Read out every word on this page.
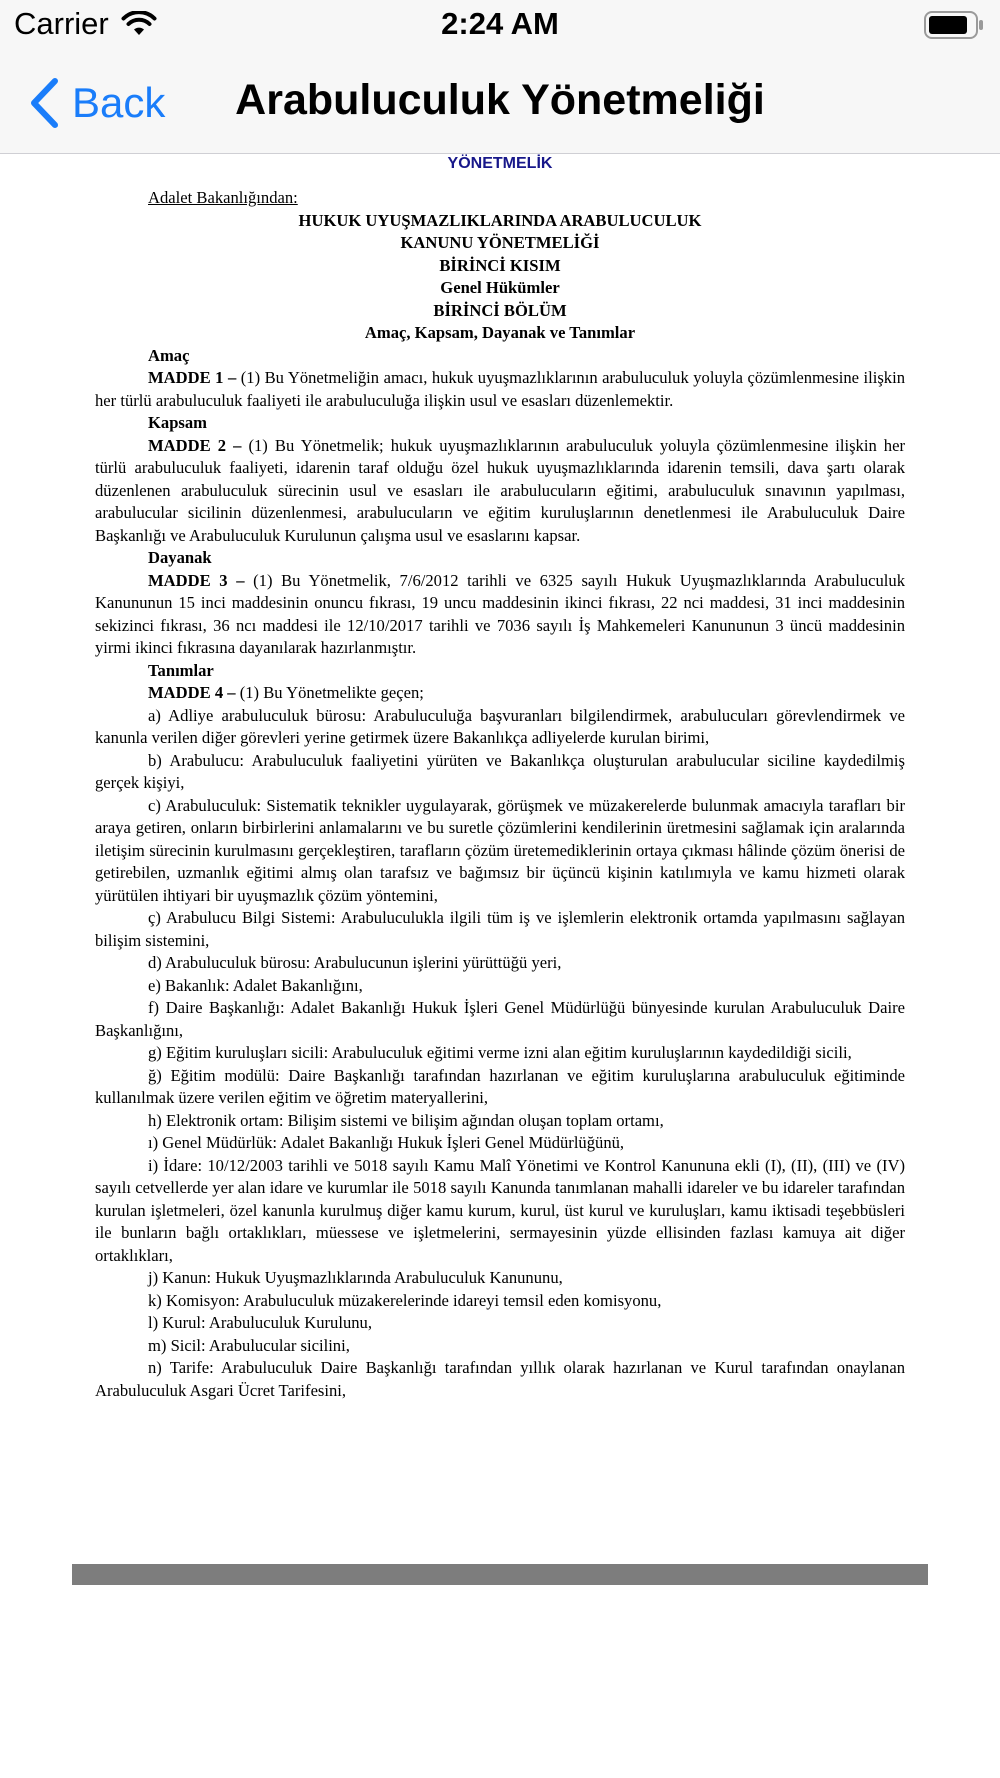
Carrier	2:24 AM
Back	Arabuluculuk Yönetmeliği
YÖNETMELİK

Adalet Bakanlığından:

HUKUK UYUŞMAZLIKLARINDA ARABULUCULUK

KANUNU YÖNETMELİĞİ

BİRİNCİ KISIM

Genel Hükümler

BİRİNCİ BÖLÜM

Amaç, Kapsam, Dayanak ve Tanımlar

Amaç

MADDE 1 – (1) Bu Yönetmeliğin amacı, hukuk uyuşmazlıklarının arabuluculuk yoluyla çözümlenmesine ilişkin her türlü arabuluculuk faaliyeti ile arabuluculuğa ilişkin usul ve esasları düzenlemektir.

Kapsam

MADDE 2 – (1) Bu Yönetmelik; hukuk uyuşmazlıklarının arabuluculuk yoluyla çözümlenmesine ilişkin her türlü arabuluculuk faaliyeti, idarenin taraf olduğu özel hukuk uyuşmazlıklarında idarenin temsili, dava şartı olarak düzenlenen arabuluculuk sürecinin usul ve esasları ile arabulucuların eğitimi, arabuluculuk sınavının yapılması, arabulucular sicilinin düzenlenmesi, arabulucuların ve eğitim kuruluşlarının denetlenmesi ile Arabuluculuk Daire Başkanlığı ve Arabuluculuk Kurulunun çalışma usul ve esaslarını kapsar.

Dayanak

MADDE 3 – (1) Bu Yönetmelik, 7/6/2012 tarihli ve 6325 sayılı Hukuk Uyuşmazlıklarında Arabuluculuk Kanununun 15 inci maddesinin onuncu fıkrası, 19 uncu maddesinin ikinci fıkrası, 22 nci maddesi, 31 inci maddesinin sekizinci fıkrası, 36 ncı maddesi ile 12/10/2017 tarihli ve 7036 sayılı İş Mahkemeleri Kanununun 3 üncü maddesinin yirmi ikinci fıkrasına dayanılarak hazırlanmıştır.

Tanımlar

MADDE 4 – (1) Bu Yönetmelikte geçen;

a) Adliye arabuluculuk bürosu: Arabuluculuğa başvuranları bilgilendirmek, arabulucuları görevlendirmek ve kanunla verilen diğer görevleri yerine getirmek üzere Bakanlıkça adliyelerde kurulan birimi,

b) Arabulucu: Arabuluculuk faaliyetini yürüten ve Bakanlıkça oluşturulan arabulucular siciline kaydedilmiş gerçek kişiyi,

c) Arabuluculuk: Sistematik teknikler uygulayarak, görüşmek ve müzakerelerde bulunmak amacıyla tarafları bir araya getiren, onların birbirlerini anlamalarını ve bu suretle çözümlerini kendilerinin üretmesini sağlamak için aralarında iletişim sürecinin kurulmasını gerçekleştiren, tarafların çözüm üretemediklerinin ortaya çıkması hâlinde çözüm önerisi de getirebilen, uzmanlık eğitimi almış olan tarafsız ve bağımsız bir üçüncü kişinin katılımıyla ve kamu hizmeti olarak yürütülen ihtiyari bir uyuşmazlık çözüm yöntemini,

ç) Arabulucu Bilgi Sistemi: Arabuluculukla ilgili tüm iş ve işlemlerin elektronik ortamda yapılmasını sağlayan bilişim sistemini,

d) Arabuluculuk bürosu: Arabulucunun işlerini yürüttüğü yeri,

e) Bakanlık: Adalet Bakanlığını,

f) Daire Başkanlığı: Adalet Bakanlığı Hukuk İşleri Genel Müdürlüğü bünyesinde kurulan Arabuluculuk Daire Başkanlığını,

g) Eğitim kuruluşları sicili: Arabuluculuk eğitimi verme izni alan eğitim kuruluşlarının kaydedildiği sicili,

ğ) Eğitim modülü: Daire Başkanlığı tarafından hazırlanan ve eğitim kuruluşlarına arabuluculuk eğitiminde kullanılmak üzere verilen eğitim ve öğretim materyallerini,

h) Elektronik ortam: Bilişim sistemi ve bilişim ağından oluşan toplam ortamı,

ı) Genel Müdürlük: Adalet Bakanlığı Hukuk İşleri Genel Müdürlüğünü,

i) İdare: 10/12/2003 tarihli ve 5018 sayılı Kamu Malî Yönetimi ve Kontrol Kanununa ekli (I), (II), (III) ve (IV) sayılı cetvellerde yer alan idare ve kurumlar ile 5018 sayılı Kanunda tanımlanan mahalli idareler ve bu idareler tarafından kurulan işletmeleri, özel kanunla kurulmuş diğer kamu kurum, kurul, üst kurul ve kuruluşları, kamu iktisadi teşebbüsleri ile bunların bağlı ortaklıkları, müessese ve işletmelerini, sermayesinin yüzde ellisinden fazlası kamuya ait diğer ortaklıkları,

j) Kanun: Hukuk Uyuşmazlıklarında Arabuluculuk Kanununu,

k) Komisyon: Arabuluculuk müzakerelerinde idareyi temsil eden komisyonu,

l) Kurul: Arabuluculuk Kurulunu,

m) Sicil: Arabulucular sicilini,

n) Tarife: Arabuluculuk Daire Başkanlığı tarafından yıllık olarak hazırlanan ve Kurul tarafından onaylanan Arabuluculuk Asgari Ücret Tarifesini,
